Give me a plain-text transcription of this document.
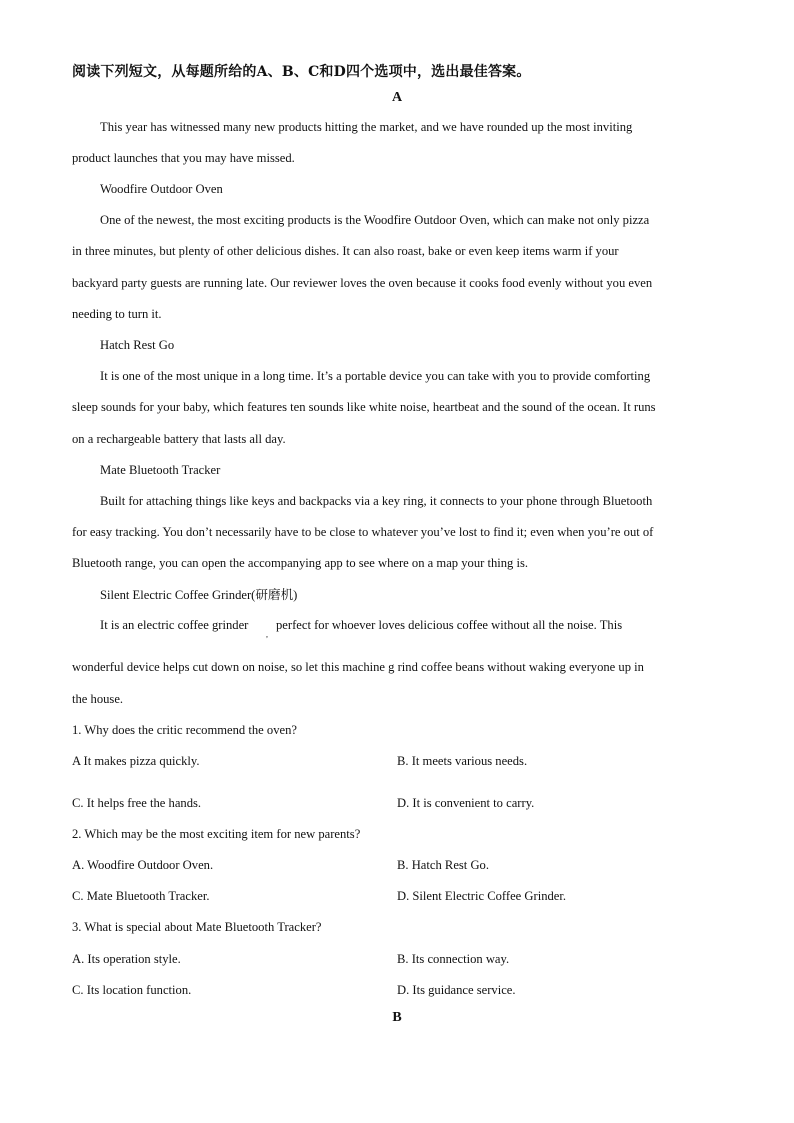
阅读下列短文，从每题所给的A、B、C和D四个选项中，选出最佳答案。
A
This year has witnessed many new products hitting the market, and we have rounded up the most inviting
product launches that you may have missed.
Woodfire Outdoor Oven
One of the newest, the most exciting products is the Woodfire Outdoor Oven, which can make not only pizza
in three minutes, but plenty of other delicious dishes. It can also roast, bake or even keep items warm if your
backyard party guests are running late. Our reviewer loves the oven because it cooks food evenly without you even
needing to turn it.
Hatch Rest Go
It is one of the most unique in a long time. It’s a portable device you can take with you to provide comforting
sleep sounds for your baby, which features ten sounds like white noise, heartbeat and the sound of the ocean. It runs
on a rechargeable battery that lasts all day.
Mate Bluetooth Tracker
Built for attaching things like keys and backpacks via a key ring, it connects to your phone through Bluetooth
for easy tracking. You don’t necessarily have to be close to whatever you’ve lost to find it; even when you’re out of
Bluetooth range, you can open the accompanying app to see where on a map your thing is.
Silent Electric Coffee Grinder(研磨机)
It is an electric coffee grinder
,
perfect for whoever loves delicious coffee without all the noise. This
wonderful device helps cut down on noise, so let this machine g rind coffee beans without waking everyone up in
the house.
1. Why does the critic recommend the oven?
A It makes pizza quickly.	B. It meets various needs.
C. It helps free the hands.	D. It is convenient to carry.
2. Which may be the most exciting item for new parents?
A. Woodfire Outdoor Oven.	B. Hatch Rest Go.
C. Mate Bluetooth Tracker.	D. Silent Electric Coffee Grinder.
3. What is special about Mate Bluetooth Tracker?
A. Its operation style.	B. Its connection way.
C. Its location function.	D. Its guidance service.
B
